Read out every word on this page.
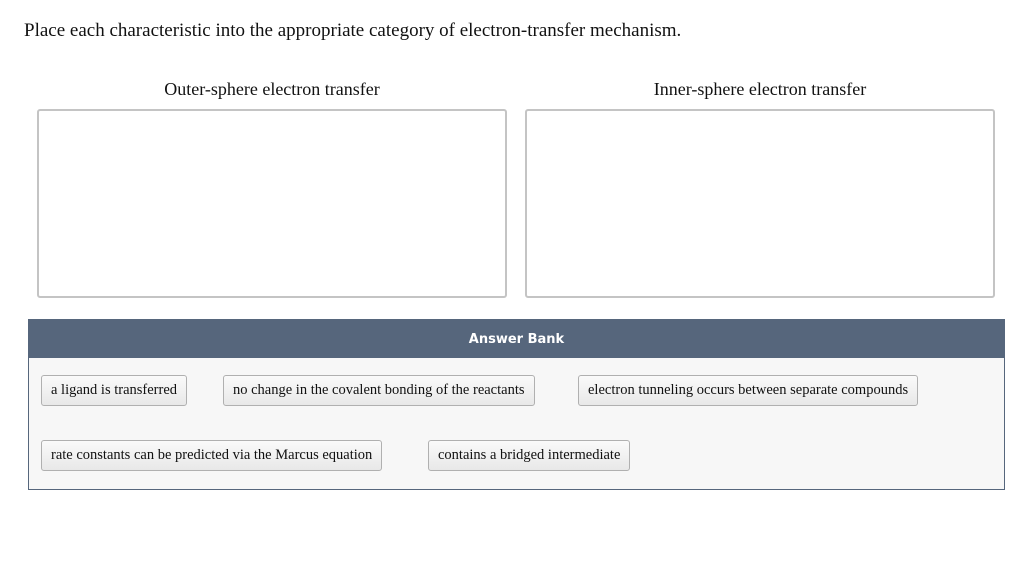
Place each characteristic into the appropriate category of electron-transfer mechanism.
Outer-sphere electron transfer	Inner-sphere electron transfer
Answer Bank
a ligand is transferred	no change in the covalent bonding of the reactants	electron tunneling occurs between separate compounds
rate constants can be predicted via the Marcus equation	contains a bridged intermediate
